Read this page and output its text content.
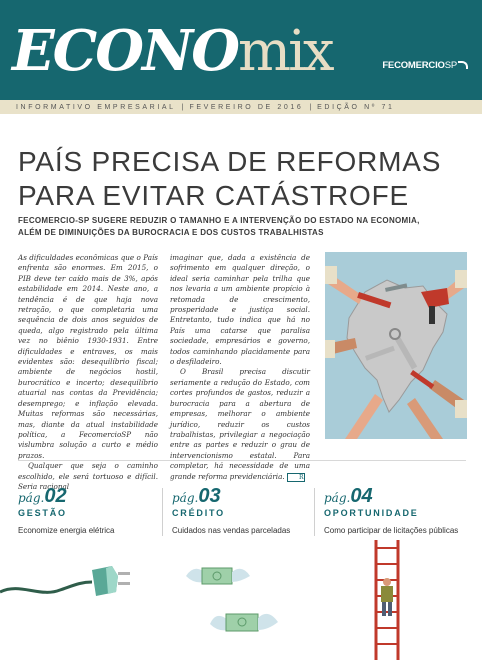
ECONOmix	FECOMERCIOSP
INFORMATIVO EMPRESARIAL | FEVEREIRO DE 2016 | EDIÇÃO Nº 71
PAÍS PRECISA DE REFORMAS
PARA EVITAR CATÁSTROFE
FECOMERCIO-SP SUGERE REDUZIR O TAMANHO E A INTERVENÇÃO DO ESTADO NA ECONOMIA,
ALÉM DE DIMINUIÇÕES DA BUROCRACIA E DOS CUSTOS TRABALHISTAS

As dificuldades econômicas que o País enfrenta são enormes. Em 2015, o PIB deve ter caído mais de 3%, após estabilidade em 2014. Neste ano, a tendência é de que haja nova retração, o que completaria uma sequência de dois anos seguidos de queda, algo registrado pela última vez no biênio 1930-1931. Entre dificuldades e entraves, os mais evidentes são: desequilíbrio fiscal; ambiente de negócios hostil, burocrático e incerto; desequilíbrio atuarial nas contas da Previdência; desemprego; e inflação elevada. Muitas reformas são necessárias, mas, diante da atual instabilidade política, a FecomercioSP não vislumbra solução a curto e médio prazos.

Qualquer que seja o caminho escolhido, ele será tortuoso e difícil. Seria racional

imaginar que, dada a existência de sofrimento em qualquer direção, o ideal seria caminhar pela trilha que nos levaria a um ambiente propício à retomada de crescimento, prosperidade e justiça social. Entretanto, tudo indica que há no País uma catarse que paralisa sociedade, empresários e governo, todos caminhando placidamente para o desfiladeiro.

O Brasil precisa discutir seriamente a redução do Estado, com cortes profundos de gastos, reduzir a burocracia para a abertura de empresas, melhorar o ambiente jurídico, reduzir os custos trabalhistas, privilegiar a negociação entre as partes e reduzir o grau de intervencionismo estatal. Para completar, há necessidade de uma grande reforma previdenciária. R

pág.02
GESTÃO
Economize energia elétrica
pág.03
CRÉDITO
Cuidados nas vendas parceladas
pág.04
OPORTUNIDADE
Como participar de licitações públicas
